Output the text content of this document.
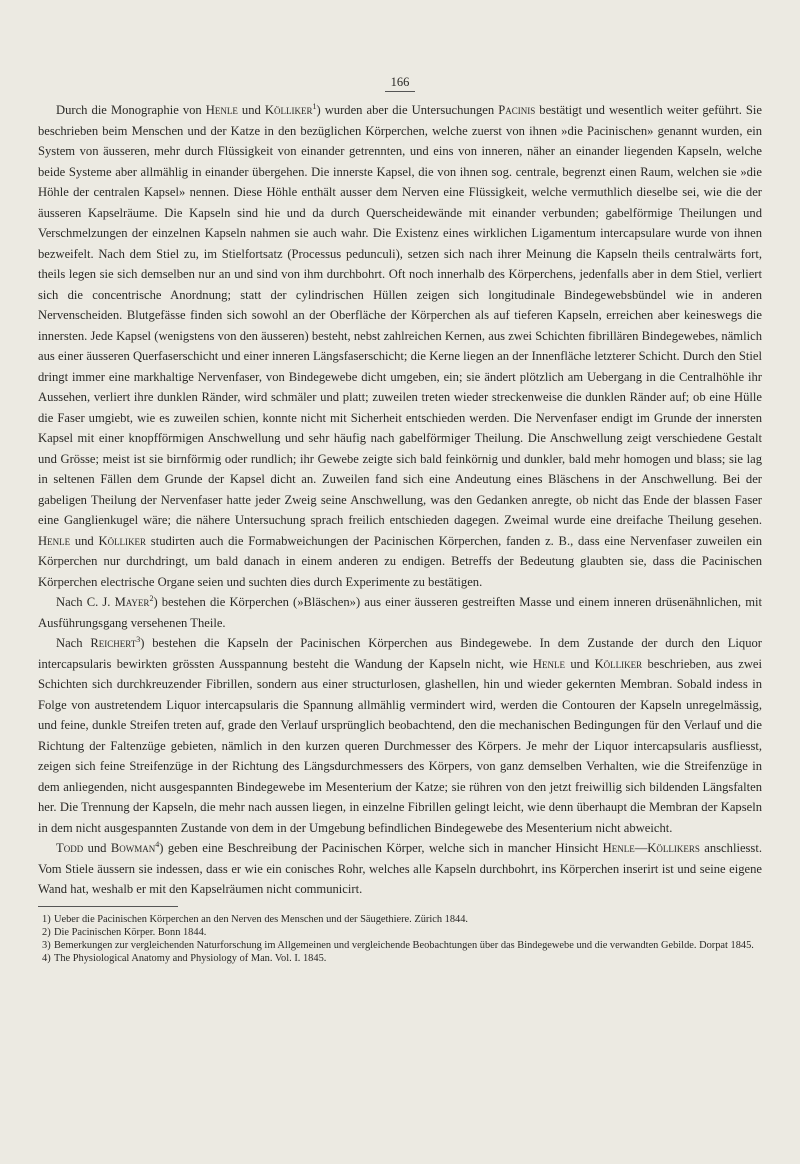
166

Durch die Monographie von Henle und Kölliker$^1$) wurden aber die Untersuchungen Pacinis bestätigt und wesentlich weiter geführt. Sie beschrieben beim Menschen und der Katze in den bezüglichen Körperchen, welche zuerst von ihnen »die Pacinischen» genannt wurden, ein System von äusseren, mehr durch Flüssigkeit von einander getrennten, und eins von inneren, näher an einander liegenden Kapseln, welche beide Systeme aber allmählig in einander übergehen. Die innerste Kapsel, die von ihnen sog. centrale, begrenzt einen Raum, welchen sie »die Höhle der centralen Kapsel» nennen. Diese Höhle enthält ausser dem Nerven eine Flüssigkeit, welche vermuthlich dieselbe sei, wie die der äusseren Kapselräume. Die Kapseln sind hie und da durch Querscheidewände mit einander verbunden; gabelförmige Theilungen und Verschmelzungen der einzelnen Kapseln nahmen sie auch wahr. Die Existenz eines wirklichen Ligamentum intercapsulare wurde von ihnen bezweifelt. Nach dem Stiel zu, im Stielfortsatz (Processus pedunculi), setzen sich nach ihrer Meinung die Kapseln theils centralwärts fort, theils legen sie sich demselben nur an und sind von ihm durchbohrt. Oft noch innerhalb des Körperchens, jedenfalls aber in dem Stiel, verliert sich die concentrische Anordnung; statt der cylindrischen Hüllen zeigen sich longitudinale Bindegewebsbündel wie in anderen Nervenscheiden. Blutgefässe finden sich sowohl an der Oberfläche der Körperchen als auf tieferen Kapseln, erreichen aber keineswegs die innersten. Jede Kapsel (wenigstens von den äusseren) besteht, nebst zahlreichen Kernen, aus zwei Schichten fibrillären Bindegewebes, nämlich aus einer äusseren Querfaserschicht und einer inneren Längsfaserschicht; die Kerne liegen an der Innenfläche letzterer Schicht. Durch den Stiel dringt immer eine markhaltige Nervenfaser, von Bindegewebe dicht umgeben, ein; sie ändert plötzlich am Uebergang in die Centralhöhle ihr Aussehen, verliert ihre dunklen Ränder, wird schmäler und platt; zuweilen treten wieder streckenweise die dunklen Ränder auf; ob eine Hülle die Faser umgiebt, wie es zuweilen schien, konnte nicht mit Sicherheit entschieden werden. Die Nervenfaser endigt im Grunde der innersten Kapsel mit einer knopfförmigen Anschwellung und sehr häufig nach gabelförmiger Theilung. Die Anschwellung zeigt verschiedene Gestalt und Grösse; meist ist sie birnförmig oder rundlich; ihr Gewebe zeigte sich bald feinkörnig und dunkler, bald mehr homogen und blass; sie lag in seltenen Fällen dem Grunde der Kapsel dicht an. Zuweilen fand sich eine Andeutung eines Bläschens in der Anschwellung. Bei der gabeligen Theilung der Nervenfaser hatte jeder Zweig seine Anschwellung, was den Gedanken anregte, ob nicht das Ende der blassen Faser eine Ganglienkugel wäre; die nähere Untersuchung sprach freilich entschieden dagegen. Zweimal wurde eine dreifache Theilung gesehen. Henle und Kölliker studirten auch die Formabweichungen der Pacinischen Körperchen, fanden z. B., dass eine Nervenfaser zuweilen ein Körperchen nur durchdringt, um bald danach in einem anderen zu endigen. Betreffs der Bedeutung glaubten sie, dass die Pacinischen Körperchen electrische Organe seien und suchten dies durch Experimente zu bestätigen.

Nach C. J. Mayer$^2$) bestehen die Körperchen (»Bläschen») aus einer äusseren gestreiften Masse und einem inneren drüsenähnlichen, mit Ausführungsgang versehenen Theile.

Nach Reichert$^3$) bestehen die Kapseln der Pacinischen Körperchen aus Bindegewebe. In dem Zustande der durch den Liquor intercapsularis bewirkten grössten Ausspannung besteht die Wandung der Kapseln nicht, wie Henle und Kölliker beschrieben, aus zwei Schichten sich durchkreuzender Fibrillen, sondern aus einer structurlosen, glashellen, hin und wieder gekernten Membran. Sobald indess in Folge von austretendem Liquor intercapsularis die Spannung allmählig vermindert wird, werden die Contouren der Kapseln unregelmässig, und feine, dunkle Streifen treten auf, grade den Verlauf ursprünglich beobachtend, den die mechanischen Bedingungen für den Verlauf und die Richtung der Faltenzüge gebieten, nämlich in den kurzen queren Durchmesser des Körpers. Je mehr der Liquor intercapsularis ausfliesst, zeigen sich feine Streifenzüge in der Richtung des Längsdurchmessers des Körpers, von ganz demselben Verhalten, wie die Streifenzüge in dem anliegenden, nicht ausgespannten Bindegewebe im Mesenterium der Katze; sie rühren von den jetzt freiwillig sich bildenden Längsfalten her. Die Trennung der Kapseln, die mehr nach aussen liegen, in einzelne Fibrillen gelingt leicht, wie denn überhaupt die Membran der Kapseln in dem nicht ausgespannten Zustande von dem in der Umgebung befindlichen Bindegewebe des Mesenterium nicht abweicht.

Todd und Bowman$^4$) geben eine Beschreibung der Pacinischen Körper, welche sich in mancher Hinsicht Henle—Köllikers anschliesst. Vom Stiele äussern sie indessen, dass er wie ein conisches Rohr, welches alle Kapseln durchbohrt, ins Körperchen inserirt ist und seine eigene Wand hat, weshalb er mit den Kapselräumen nicht communicirt.

1) Ueber die Pacinischen Körperchen an den Nerven des Menschen und der Säugethiere. Zürich 1844.
2) Die Pacinischen Körper. Bonn 1844.
3) Bemerkungen zur vergleichenden Naturforschung im Allgemeinen und vergleichende Beobachtungen über das Bindegewebe und die verwandten Gebilde. Dorpat 1845.
4) The Physiological Anatomy and Physiology of Man. Vol. I. 1845.
